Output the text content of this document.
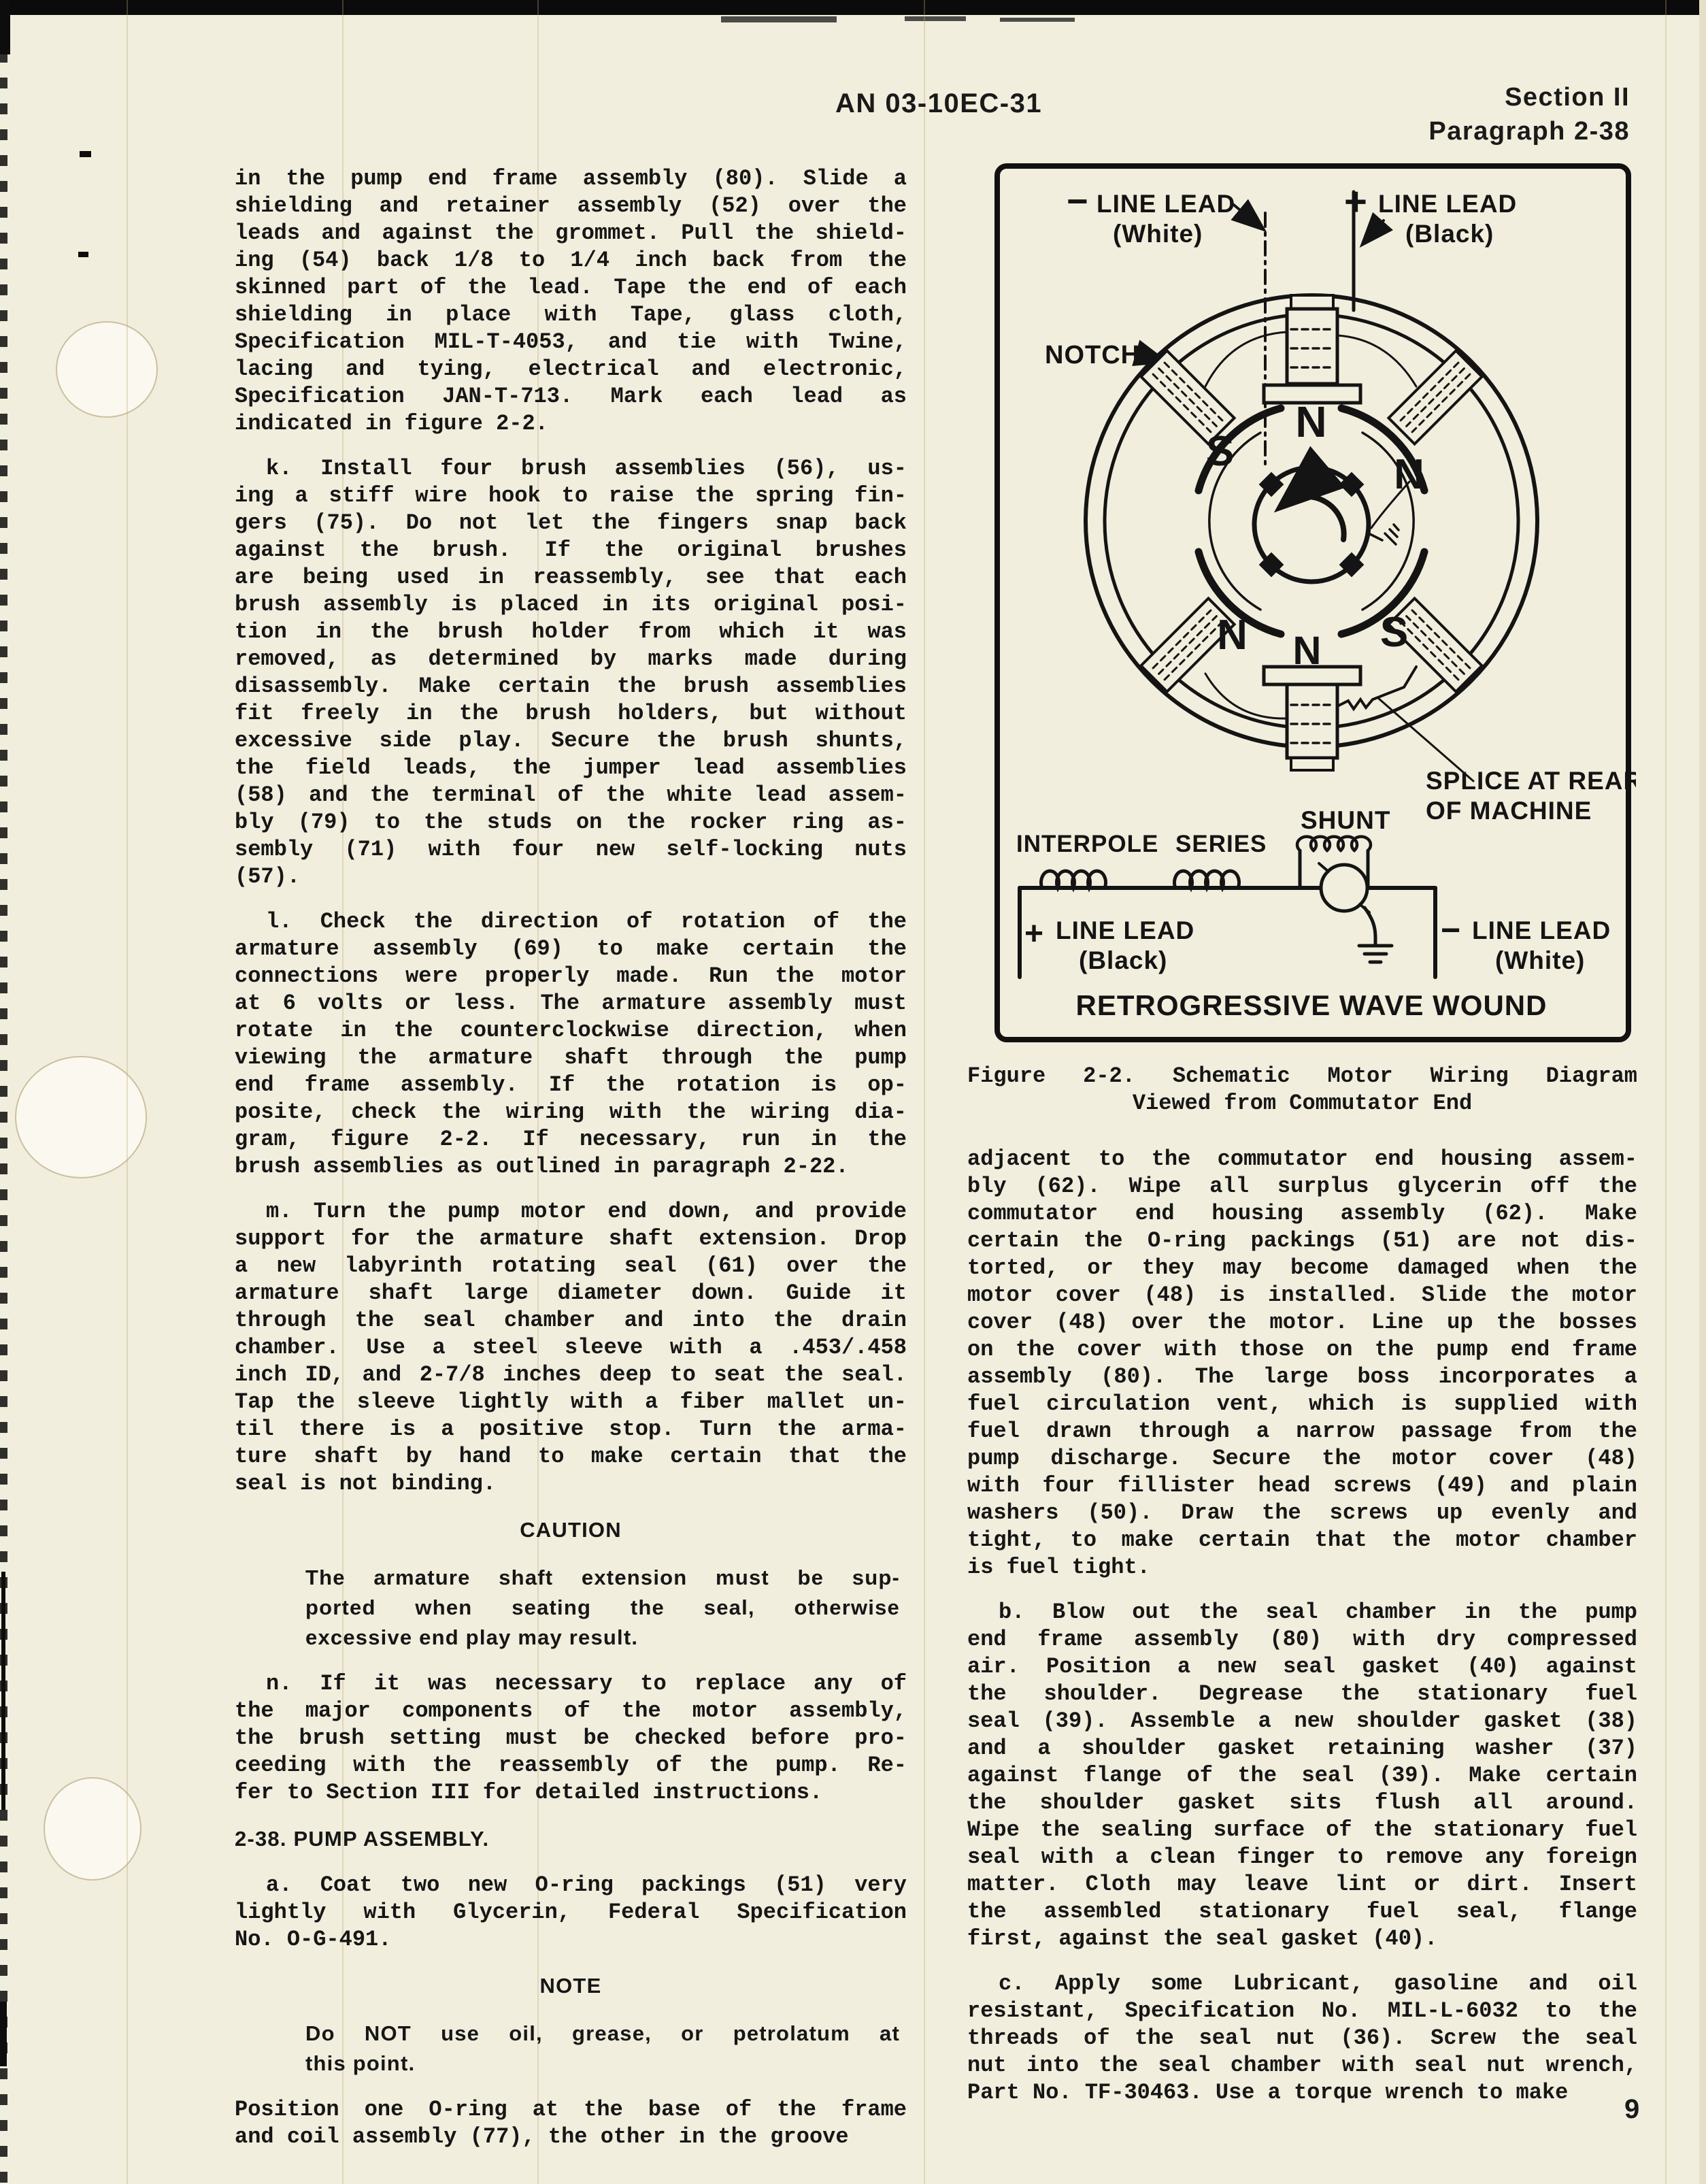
AN 03-10EC-31	Section II
Paragraph 2-38
in the pump end frame assembly (80). Slide a
shielding and retainer assembly (52) over the
leads and against the grommet. Pull the shield-
ing (54) back 1/8 to 1/4 inch back from the
skinned part of the lead. Tape the end of each
shielding in place with Tape, glass cloth,
Specification MIL-T-4053, and tie with Twine,
lacing and tying, electrical and electronic,
Specification JAN-T-713. Mark each lead as
indicated in figure 2-2.
k. Install four brush assemblies (56), us-
ing a stiff wire hook to raise the spring fin-
gers (75). Do not let the fingers snap back
against the brush. If the original brushes
are being used in reassembly, see that each
brush assembly is placed in its original posi-
tion in the brush holder from which it was
removed, as determined by marks made during
disassembly. Make certain the brush assemblies
fit freely in the brush holders, but without
excessive side play. Secure the brush shunts,
the field leads, the jumper lead assemblies
(58) and the terminal of the white lead assem-
bly (79) to the studs on the rocker ring as-
sembly (71) with four new self-locking nuts
(57).
l. Check the direction of rotation of the
armature assembly (69) to make certain the
connections were properly made. Run the motor
at 6 volts or less. The armature assembly must
rotate in the counterclockwise direction, when
viewing the armature shaft through the pump
end frame assembly. If the rotation is op-
posite, check the wiring with the wiring dia-
gram, figure 2-2. If necessary, run in the
brush assemblies as outlined in paragraph 2-22.
m. Turn the pump motor end down, and provide
support for the armature shaft extension. Drop
a new labyrinth rotating seal (61) over the
armature shaft large diameter down. Guide it
through the seal chamber and into the drain
chamber. Use a steel sleeve with a .453/.458
inch ID, and 2-7/8 inches deep to seat the seal.
Tap the sleeve lightly with a fiber mallet un-
til there is a positive stop. Turn the arma-
ture shaft by hand to make certain that the
seal is not binding.
CAUTION
The armature shaft extension must be sup-
ported when seating the seal, otherwise
excessive end play may result.
n. If it was necessary to replace any of
the major components of the motor assembly,
the brush setting must be checked before pro-
ceeding with the reassembly of the pump. Re-
fer to Section III for detailed instructions.
2-38. PUMP ASSEMBLY.
a. Coat two new O-ring packings (51) very
lightly with Glycerin, Federal Specification
No. O-G-491.
NOTE
Do NOT use oil, grease, or petrolatum at
this point.
Position one O-ring at the base of the frame
and coil assembly (77), the other in the groove
Figure 2-2. Schematic Motor Wiring Diagram
Viewed from Commutator End
adjacent to the commutator end housing assem-
bly (62). Wipe all surplus glycerin off the
commutator end housing assembly (62). Make
certain the O-ring packings (51) are not dis-
torted, or they may become damaged when the
motor cover (48) is installed. Slide the motor
cover (48) over the motor. Line up the bosses
on the cover with those on the pump end frame
assembly (80). The large boss incorporates a
fuel circulation vent, which is supplied with
fuel drawn through a narrow passage from the
pump discharge. Secure the motor cover (48)
with four fillister head screws (49) and plain
washers (50). Draw the screws up evenly and
tight, to make certain that the motor chamber
is fuel tight.
b. Blow out the seal chamber in the pump
end frame assembly (80) with dry compressed
air. Position a new seal gasket (40) against
the shoulder. Degrease the stationary fuel
seal (39). Assemble a new shoulder gasket (38)
and a shoulder gasket retaining washer (37)
against flange of the seal (39). Make certain
the shoulder gasket sits flush all around.
Wipe the sealing surface of the stationary fuel
seal with a clean finger to remove any foreign
matter. Cloth may leave lint or dirt. Insert
the assembled stationary fuel seal, flange
first, against the seal gasket (40).
c. Apply some Lubricant, gasoline and oil
resistant, Specification No. MIL-L-6032 to the
threads of the seal nut (36). Screw the seal
nut into the seal chamber with seal nut wrench,
Part No. TF-30463. Use a torque wrench to make
− LINE LEAD
(White)
+ LINE LEAD
(Black)
NOTCH
N
S	N
N	S
N
SPLICE AT REAR
OF MACHINE
INTERPOLE SERIES
SHUNT
+ LINE LEAD
(Black)
− LINE LEAD
(White)
RETROGRESSIVE WAVE WOUND
9
